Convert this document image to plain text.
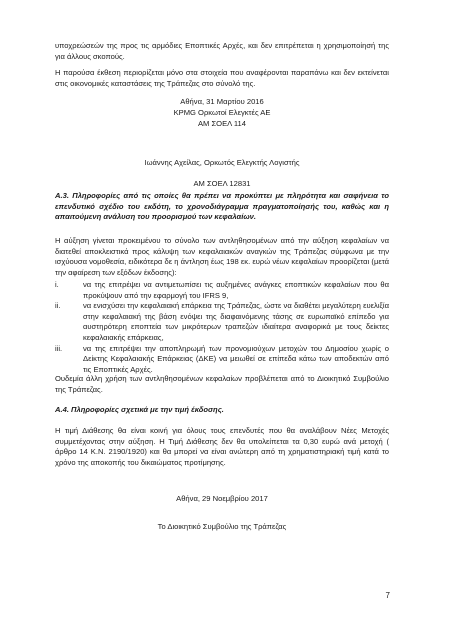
υποχρεώσεών της προς τις αρμόδιες Εποπτικές Αρχές, και δεν επιτρέπεται η χρησιμοποίησή της για άλλους σκοπούς.

Η παρούσα έκθεση περιορίζεται μόνο στα στοιχεία που αναφέρονται παραπάνω και δεν εκτείνεται στις οικονομικές καταστάσεις της Τράπεζας στο σύνολό της.

Αθήνα, 31 Μαρτίου 2016

KPMG Ορκωτοί Ελεγκτές ΑΕ

ΑΜ ΣΟΕΛ 114

Ιωάννης Αχείλας, Ορκωτός Ελεγκτής Λογιστής

ΑΜ ΣΟΕΛ 12831

Α.3. Πληροφορίες από τις οποίες θα πρέπει να προκύπτει με πληρότητα και σαφήνεια το επενδυτικό σχέδιο του εκδότη, το χρονοδιάγραμμα πραγματοποίησής του, καθώς και η απαιτούμενη ανάλυση του προορισμού των κεφαλαίων.

Η αύξηση γίνεται προκειμένου το σύνολο των αντληθησομένων από την αύξηση κεφαλαίων να διατεθεί αποκλειστικά προς κάλυψη των κεφαλαιακών αναγκών της Τράπεζας σύμφωνα με την ισχύουσα νομοθεσία, ειδικότερα δε η άντληση έως 198 εκ. ευρώ νέων κεφαλαίων προορίζεται (μετά την αφαίρεση των εξόδων έκδοσης):

i.	να της επιτρέψει να αντιμετωπίσει τις αυξημένες ανάγκες εποπτικών κεφαλαίων που θα προκύψουν από την εφαρμογή του IFRS 9,
ii.	να ενισχύσει την κεφαλαιακή επάρκεια της Τράπεζας, ώστε να διαθέτει μεγαλύτερη ευελιξία στην κεφαλαιακή της βάση ενόψει της διαφαινόμενης τάσης σε ευρωπαϊκό επίπεδο για αυστηρότερη εποπτεία των μικρότερων τραπεζών ιδιαίτερα αναφορικά με τους δείκτες κεφαλαιακής επάρκειας,
iii.	να της επιτρέψει την αποπληρωμή των προνομιούχων μετοχών του Δημοσίου χωρίς ο Δείκτης Κεφαλαιακής Επάρκειας (ΔΚΕ) να μειωθεί σε επίπεδα κάτω των αποδεκτών από τις Εποπτικές Αρχές.

Ουδεμία άλλη χρήση των αντληθησομένων κεφαλαίων προβλέπεται από το Διοικητικό Συμβούλιο της Τράπεζας.

Α.4. Πληροφορίες σχετικά με την τιμή έκδοσης.

Η τιμή Διάθεσης θα είναι κοινή για όλους τους επενδυτές που θα αναλάβουν Νέες Μετοχές συμμετέχοντας στην αύξηση. Η Τιμή Διάθεσης δεν θα υπολείπεται τα 0,30 ευρώ ανά μετοχή ( άρθρο 14 Κ.Ν. 2190/1920) και θα μπορεί να είναι ανώτερη από τη χρηματιστηριακή τιμή κατά το χρόνο της αποκοπής του δικαιώματος προτίμησης.

Αθήνα, 29 Νοεμβρίου 2017

Το Διοικητικό Συμβούλιο της Τράπεζας

7
